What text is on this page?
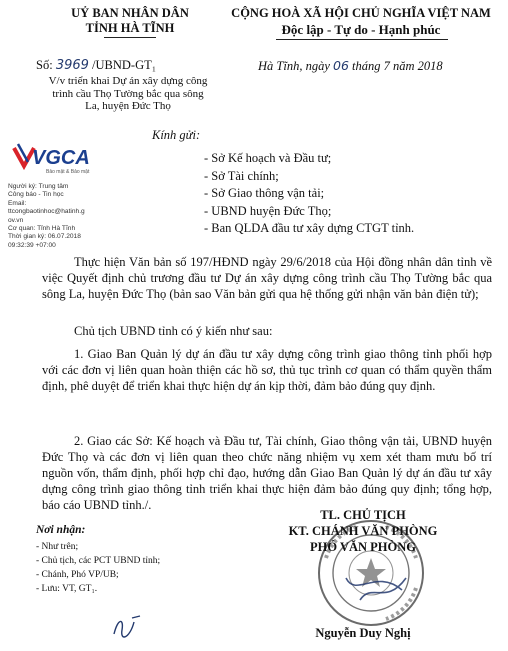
UỶ BAN NHÂN DÂN
TỈNH HÀ TĨNH
CỘNG HOÀ XÃ HỘI CHỦ NGHĨA VIỆT NAM
Độc lập - Tự do - Hạnh phúc
Số: 3969 /UBND-GT₁	Hà Tĩnh, ngày 06 tháng 7 năm 2018
V/v triển khai Dự án xây dựng công trình cầu Thọ Tường bắc qua sông La, huyện Đức Thọ
VGCA
Bảo mật & Bảo mật
Người ký: Trung tâm
Công báo - Tin học
Email:
ttcongbaotinhoc@hatinh.g
ov.vn
Cơ quan: Tỉnh Hà Tĩnh
Thời gian ký: 06.07.2018
09:32:39 +07:00
Kính gửi:
- Sở Kế hoạch và Đầu tư;
- Sở Tài chính;
- Sở Giao thông vận tải;
- UBND huyện Đức Thọ;
- Ban QLDA đầu tư xây dựng CTGT tỉnh.
Thực hiện Văn bản số 197/HĐND ngày 29/6/2018 của Hội đồng nhân dân tỉnh về việc Quyết định chủ trương đầu tư Dự án xây dựng công trình cầu Thọ Tường bắc qua sông La, huyện Đức Thọ (bản sao Văn bản gửi qua hệ thống gửi nhận văn bản điện tử);
Chủ tịch UBND tỉnh có ý kiến như sau:
1. Giao Ban Quản lý dự án đầu tư xây dựng công trình giao thông tỉnh phối hợp với các đơn vị liên quan hoàn thiện các hồ sơ, thủ tục trình cơ quan có thẩm quyền thẩm định, phê duyệt để triển khai thực hiện dự án kịp thời, đảm bảo đúng quy định.
2. Giao các Sở: Kế hoạch và Đầu tư, Tài chính, Giao thông vận tải, UBND huyện Đức Thọ và các đơn vị liên quan theo chức năng nhiệm vụ xem xét tham mưu bố trí nguồn vốn, thẩm định, phối hợp chỉ đạo, hướng dẫn Giao Ban Quản lý dự án đầu tư xây dựng công trình giao thông tỉnh triển khai thực hiện đảm bảo đúng quy định; tổng hợp, báo cáo UBND tỉnh./.
Nơi nhận:
- Như trên;
- Chủ tịch, các PCT UBND tỉnh;
- Chánh, Phó VP/UB;
- Lưu: VT, GT₁.
TL. CHỦ TỊCH
KT. CHÁNH VĂN PHÒNG
PHÓ VĂN PHÒNG
Nguyễn Duy Nghị
